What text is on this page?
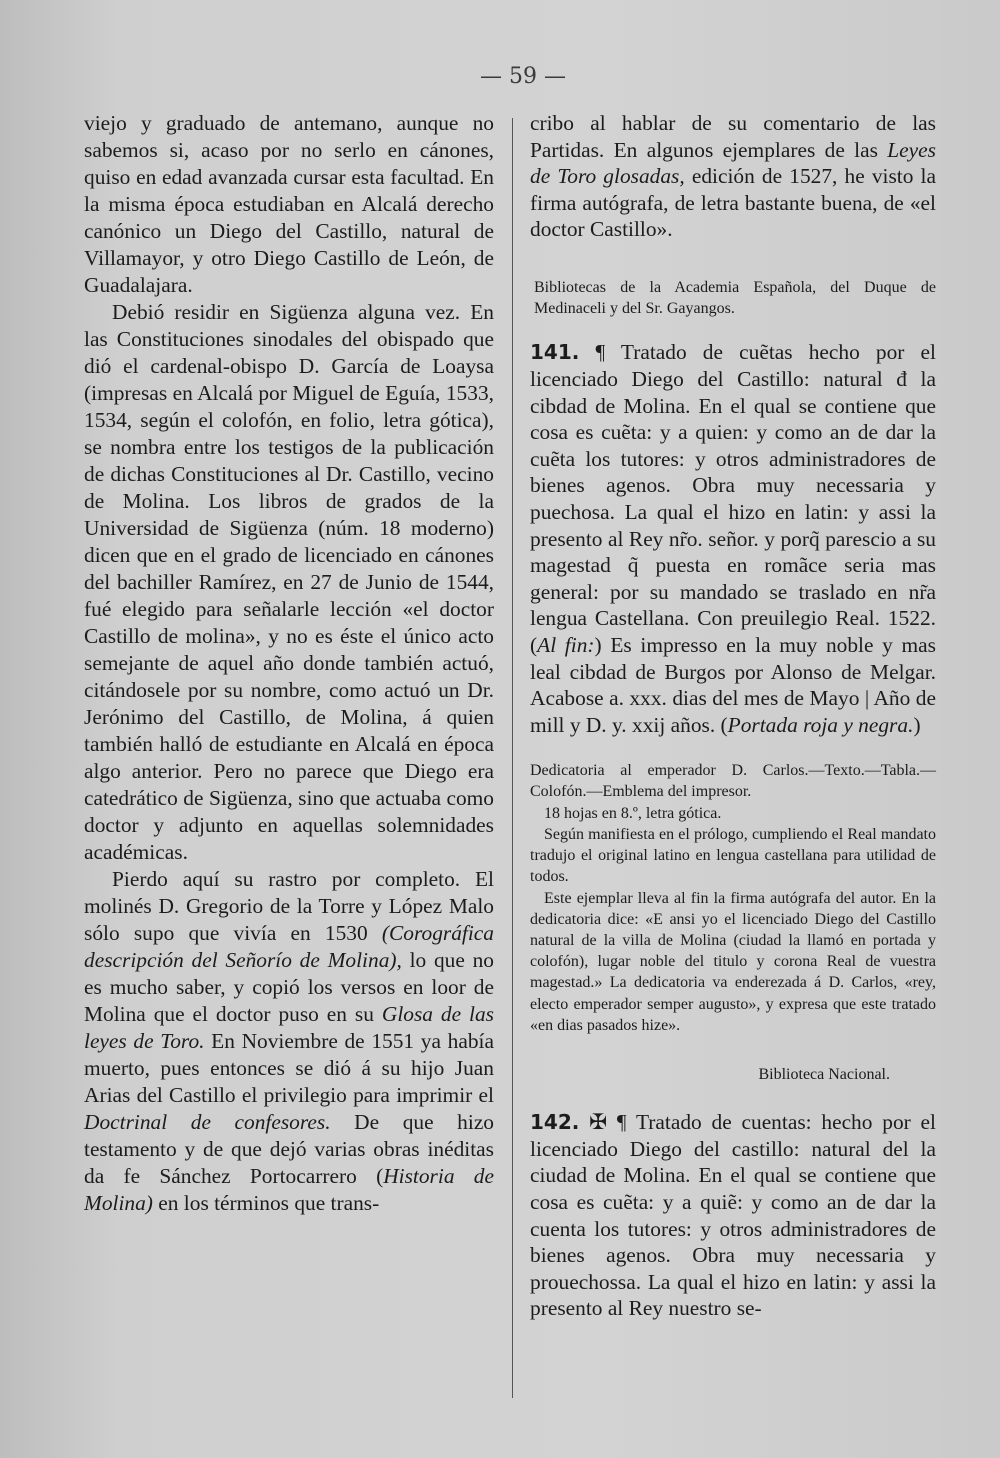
— 59 —

viejo y graduado de antemano, aunque no sabemos si, acaso por no serlo en cánones, quiso en edad avanzada cursar esta facultad. En la misma época estudiaban en Alcalá derecho canónico un Diego del Castillo, natural de Villamayor, y otro Diego Castillo de León, de Guadalajara.

Debió residir en Sigüenza alguna vez. En las Constituciones sinodales del obispado que dió el cardenal-obispo D. García de Loaysa (impresas en Alcalá por Miguel de Eguía, 1533, 1534, según el colofón, en folio, letra gótica), se nombra entre los testigos de la publicación de dichas Constituciones al Dr. Castillo, vecino de Molina. Los libros de grados de la Universidad de Sigüenza (núm. 18 moderno) dicen que en el grado de licenciado en cánones del bachiller Ramírez, en 27 de Junio de 1544, fué elegido para señalarle lección «el doctor Castillo de molina», y no es éste el único acto semejante de aquel año donde también actuó, citándosele por su nombre, como actuó un Dr. Jerónimo del Castillo, de Molina, á quien también halló de estudiante en Alcalá en época algo anterior. Pero no parece que Diego era catedrático de Sigüenza, sino que actuaba como doctor y adjunto en aquellas solemnidades académicas.

Pierdo aquí su rastro por completo. El molinés D. Gregorio de la Torre y López Malo sólo supo que vivía en 1530 (Corográfica descripción del Señorío de Molina), lo que no es mucho saber, y copió los versos en loor de Molina que el doctor puso en su Glosa de las leyes de Toro. En Noviembre de 1551 ya había muerto, pues entonces se dió á su hijo Juan Arias del Castillo el privilegio para imprimir el Doctrinal de confesores. De que hizo testamento y de que dejó varias obras inéditas da fe Sánchez Portocarrero (Historia de Molina) en los términos que trans-

cribo al hablar de su comentario de las Partidas. En algunos ejemplares de las Leyes de Toro glosadas, edición de 1527, he visto la firma autógrafa, de letra bastante buena, de «el doctor Castillo».

Bibliotecas de la Academia Española, del Duque de Medinaceli y del Sr. Gayangos.

141. ¶ Tratado de cuẽtas hecho por el licenciado Diego del Castillo: natural đ la cibdad de Molina. En el qual se contiene que cosa es cuẽta: y a quien: y como an de dar la cuẽta los tutores: y otros administradores de bienes agenos. Obra muy necessaria y puechosa. La qual el hizo en latin: y assi la presento al Rey nr̃o. señor. y porq̃ parescio a su magestad q̃ puesta en romãce seria mas general: por su mandado se traslado en nr̃a lengua Castellana. Con preuilegio Real. 1522. (Al fin:) Es impresso en la muy noble y mas leal cibdad de Burgos por Alonso de Melgar. Acabose a. xxx. dias del mes de Mayo | Año de mill y D. y. xxij años. (Portada roja y negra.)

Dedicatoria al emperador D. Carlos.—Texto.—Tabla.—Colofón.—Emblema del impresor.

18 hojas en 8.º, letra gótica.

Según manifiesta en el prólogo, cumpliendo el Real mandato tradujo el original latino en lengua castellana para utilidad de todos.

Este ejemplar lleva al fin la firma autógrafa del autor. En la dedicatoria dice: «E ansi yo el licenciado Diego del Castillo natural de la villa de Molina (ciudad la llamó en portada y colofón), lugar noble del titulo y corona Real de vuestra magestad.» La dedicatoria va enderezada á D. Carlos, «rey, electo emperador semper augusto», y expresa que este tratado «en dias pasados hize».

Biblioteca Nacional.

142. ✠ ¶ Tratado de cuentas: hecho por el licenciado Diego del castillo: natural del la ciudad de Molina. En el qual se contiene que cosa es cuẽta: y a quiẽ: y como an de dar la cuenta los tutores: y otros administradores de bienes agenos. Obra muy necessaria y prouechossa. La qual el hizo en latin: y assi la presento al Rey nuestro se-
